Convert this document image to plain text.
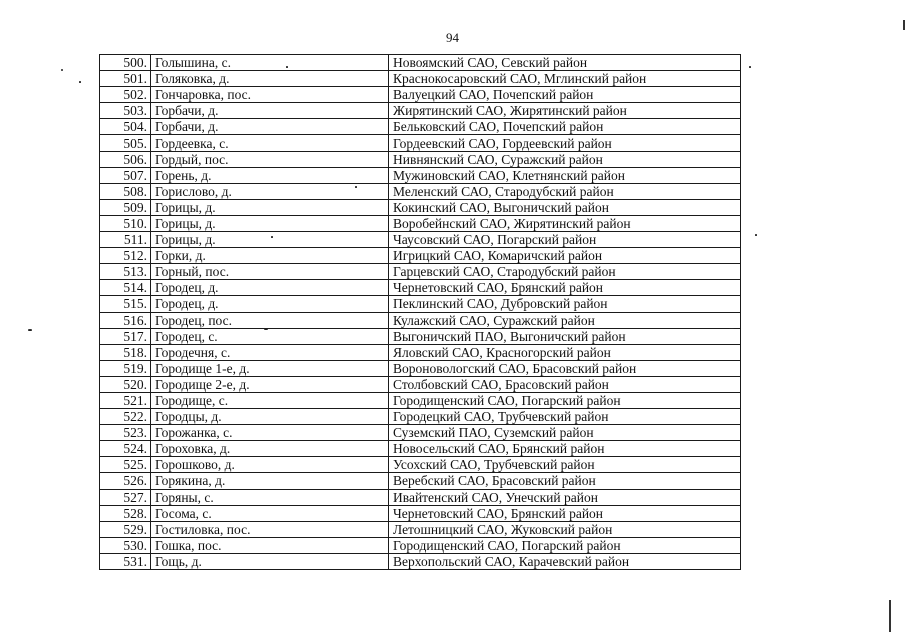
94
500.	Голышина, с.	Новоямский САО, Севский район
501.	Голяковка, д.	Краснокосаровский САО, Мглинский район
502.	Гончаровка, пос.	Валуецкий САО, Почепский район
503.	Горбачи, д.	Жирятинский САО, Жирятинский район
504.	Горбачи, д.	Бельковский САО, Почепский район
505.	Гордеевка, с.	Гордеевский САО, Гордеевский район
506.	Гордый, пос.	Нивнянский САО, Суражский район
507.	Горень, д.	Мужиновский САО, Клетнянский район
508.	Горислово, д.	Меленский САО, Стародубский район
509.	Горицы, д.	Кокинский САО, Выгоничский район
510.	Горицы, д.	Воробейнский САО, Жирятинский район
511.	Горицы, д.	Чаусовский САО, Погарский район
512.	Горки, д.	Игрицкий САО, Комаричский район
513.	Горный, пос.	Гарцевский САО, Стародубский район
514.	Городец, д.	Чернетовский САО, Брянский район
515.	Городец, д.	Пеклинский САО, Дубровский район
516.	Городец, пос.	Кулажский САО, Суражский район
517.	Городец, с.	Выгоничский ПАО, Выгоничский район
518.	Городечня, с.	Яловский САО, Красногорский район
519.	Городище 1-е, д.	Вороновологский САО, Брасовский район
520.	Городище 2-е, д.	Столбовский САО, Брасовский район
521.	Городище, с.	Городищенский САО, Погарский район
522.	Городцы, д.	Городецкий САО, Трубчевский район
523.	Горожанка, с.	Суземский ПАО, Суземский район
524.	Гороховка, д.	Новосельский САО, Брянский район
525.	Горошково, д.	Усохский САО, Трубчевский район
526.	Горякина, д.	Веребский САО, Брасовский район
527.	Горяны, с.	Ивайтенский САО, Унечский район
528.	Госома, с.	Чернетовский САО, Брянский район
529.	Гостиловка, пос.	Летошницкий САО, Жуковский район
530.	Гошка, пос.	Городищенский САО, Погарский район
531.	Гощь, д.	Верхопольский САО, Карачевский район
